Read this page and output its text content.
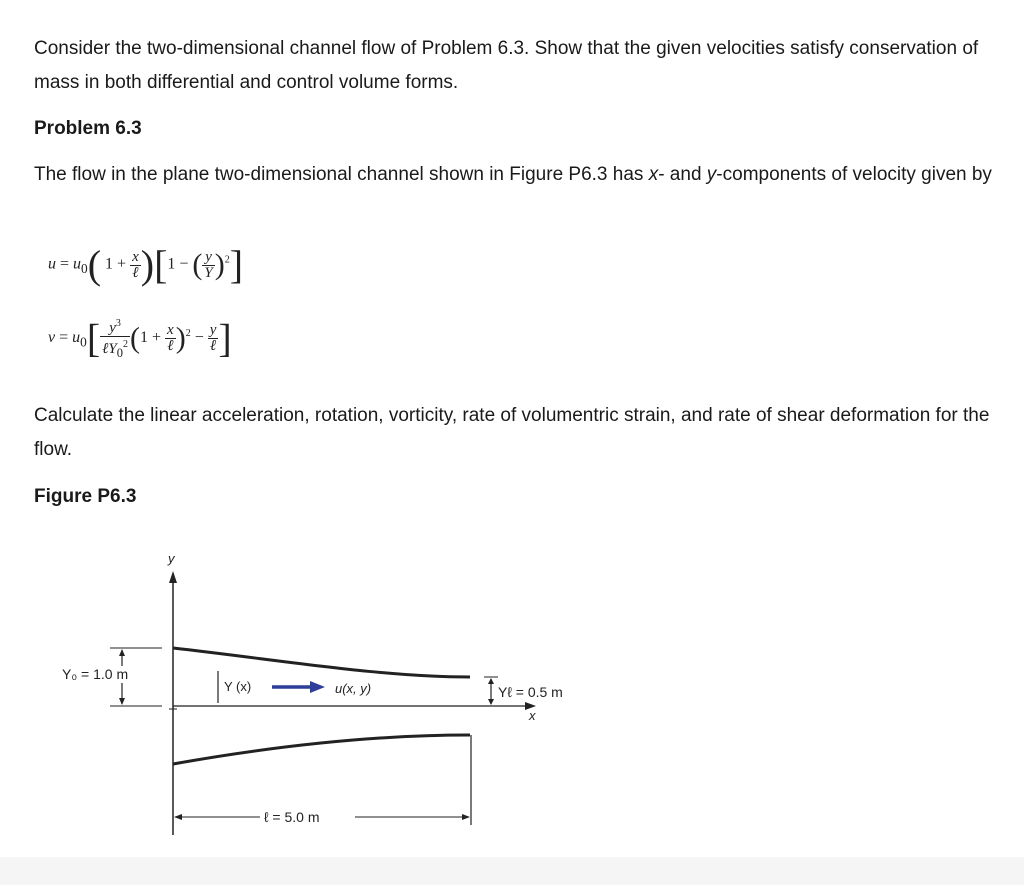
Consider the two-dimensional channel flow of Problem 6.3. Show that the given velocities satisfy conservation of mass in both differential and control volume forms.

Problem 6.3

The flow in the plane two-dimensional channel shown in Figure P6.3 has x- and y-components of velocity given by

$u = u_0$( $1 + \frac{x}{\text{ℓ}} )[1$ − ( $\frac{y}{Y} )^2$]
$v = u_0[ \frac{y^3}{\ell Y_0^2} (1 + \frac{x}{\text{ℓ}} )^2 - \frac{y}{\text{ℓ}}$ ]

Calculate the linear acceleration, rotation, vorticity, rate of volumentric strain, and rate of shear deformation for the flow.

Figure P6.3

y
x
Y₀ = 1.0 m
Y (x)	u(x, y)	Yℓ = 0.5 m
ℓ = 5.0 m
